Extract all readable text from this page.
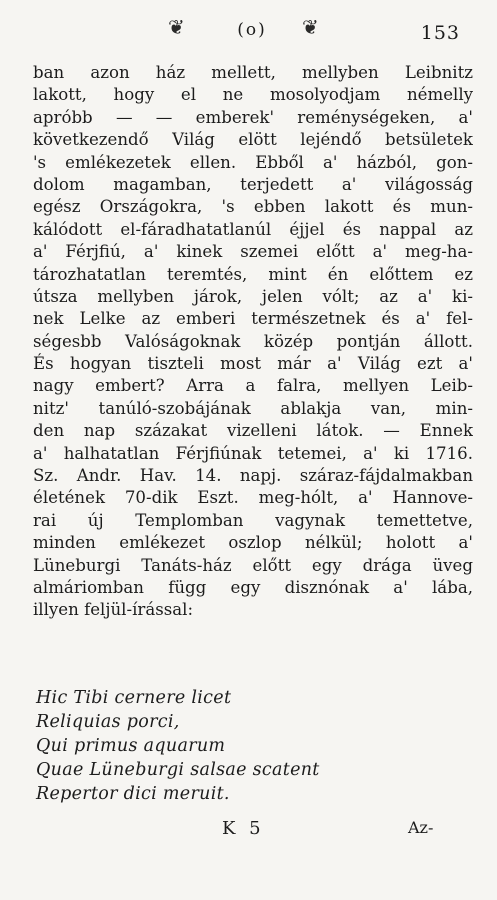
❦	(o)	❦	153
ban azon ház mellett, mellyben Leibnitz
lakott, hogy el ne mosolyodjam némelly
apróbb — — emberek' reménységeken, a'
következendő Világ elött lejéndő betsületek
's emlékezetek ellen. Ebből a' házból, gon-
dolom magamban, terjedett a' világosság
egész Országokra, 's ebben lakott és mun-
kálódott el-fáradhatatlanúl éjjel és nappal az
a' Férjfiú, a' kinek szemei előtt a' meg-ha-
tározhatatlan teremtés, mint én előttem ez
útsza mellyben járok, jelen vólt; az a' ki-
nek Lelke az emberi természetnek és a' fel-
ségesbb Valóságoknak közép pontján állott.
És hogyan tiszteli most már a' Világ ezt a'
nagy embert? Arra a falra, mellyen Leib-
nitz' tanúló-szobájának ablakja van, min-
den nap százakat vizelleni látok. — Ennek
a' halhatatlan Férjfiúnak tetemei, a' ki 1716.
Sz. Andr. Hav. 14. napj. száraz-fájdalmakban
életének 70-dik Eszt. meg-hólt, a' Hannove-
rai új Templomban vagynak temettetve,
minden emlékezet oszlop nélkül; holott a'
Lüneburgi Tanáts-ház előtt egy drága üveg
almáriomban függ egy disznónak a' lába,
illyen feljül-írással:
Hic Tibi cernere licet
Reliquias porci,
Qui primus aquarum
Quae Lüneburgi salsae scatent
Repertor dici meruit.
K 5	Az-
